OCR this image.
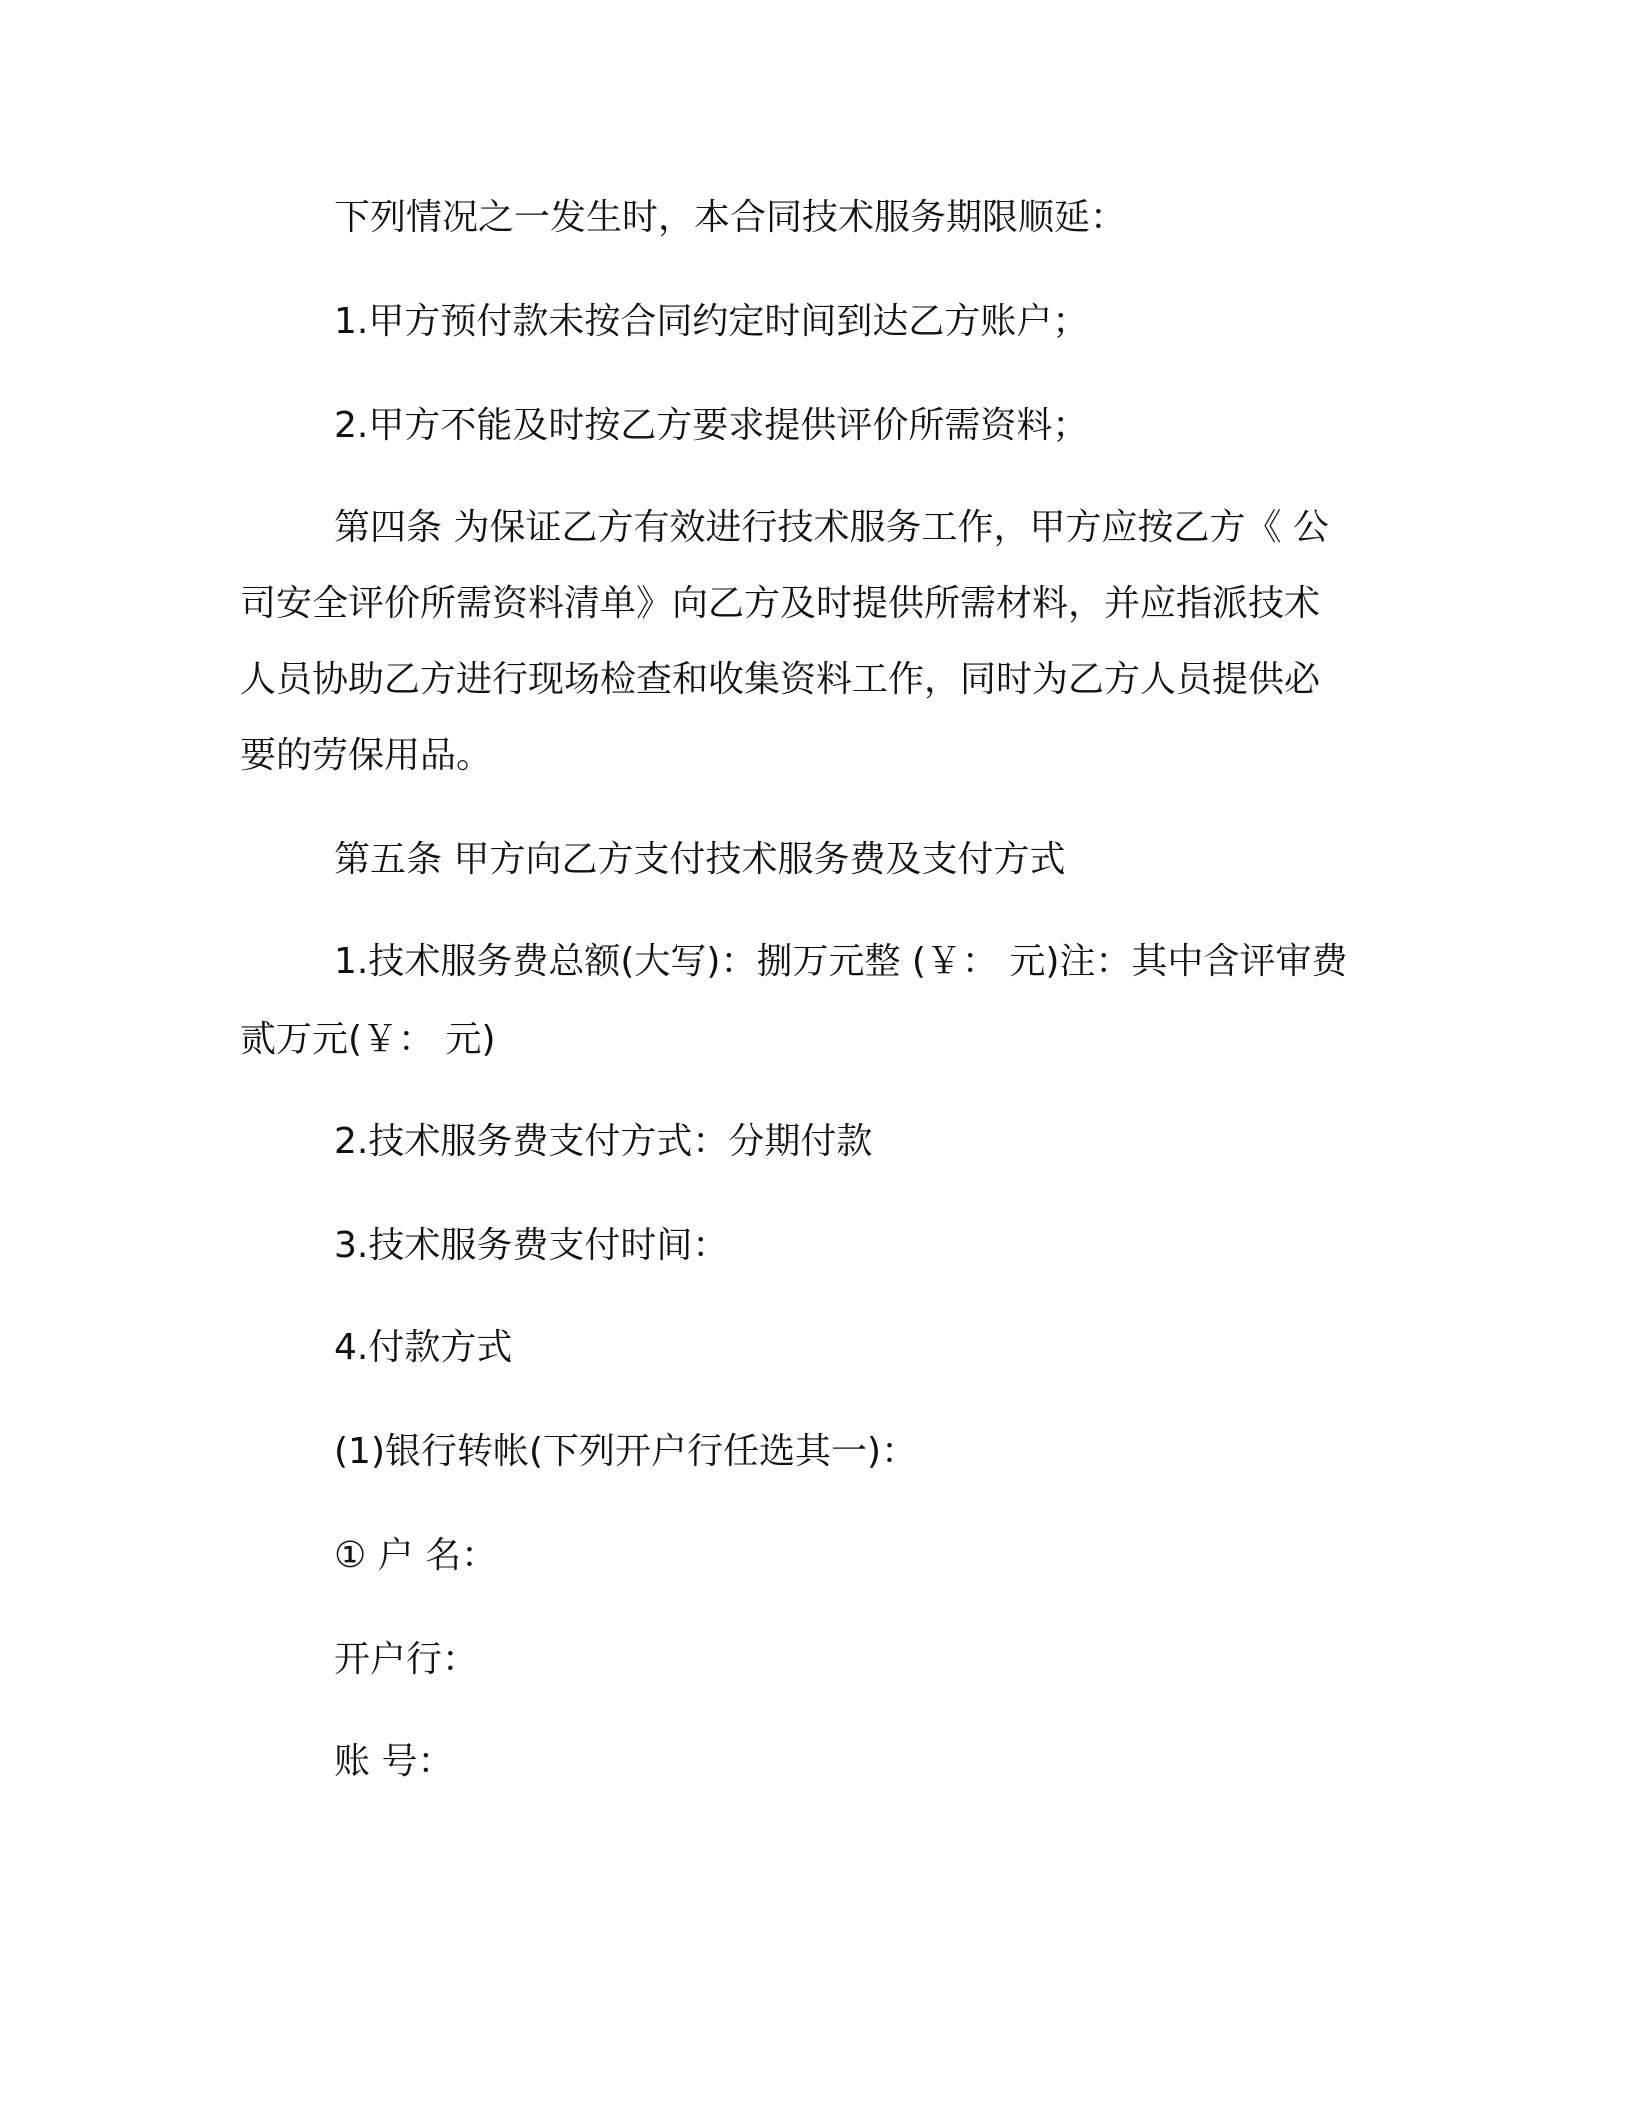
下列情况之一发生时，本合同技术服务期限顺延：
1.甲方预付款未按合同约定时间到达乙方账户；
2.甲方不能及时按乙方要求提供评价所需资料；
第四条 为保证乙方有效进行技术服务工作，甲方应按乙方《 公
司安全评价所需资料清单》向乙方及时提供所需材料，并应指派技术
人员协助乙方进行现场检查和收集资料工作，同时为乙方人员提供必
要的劳保用品。
第五条 甲方向乙方支付技术服务费及支付方式
1.技术服务费总额(大写)：捌万元整 (￥： 元)注：其中含评审费
贰万元(￥： 元)
2.技术服务费支付方式：分期付款
3.技术服务费支付时间：
4.付款方式
(1)银行转帐(下列开户行任选其一)：
① 户 名：
开户行：
账 号：
